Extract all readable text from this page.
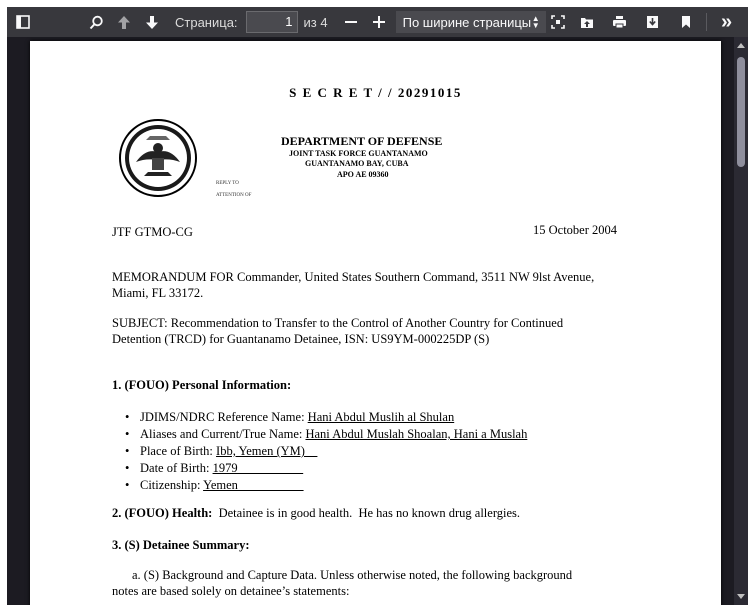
Страница:	1 из 4	По ширине страницы ▲
▼	»
S E C R E T / / 20291015
DEPARTMENT OF DEFENSE
JOINT TASK FORCE GUANTANAMO
GUANTANAMO BAY, CUBA
APO AE 09360
REPLY TO
ATTENTION OF
JTF GTMO-CG	15 October 2004
MEMORANDUM FOR Commander, United States Southern Command, 3511 NW 9lst Avenue,
Miami, FL 33172.
SUBJECT: Recommendation to Transfer to the Control of Another Country for Continued
Detention (TRCD) for Guantanamo Detainee, ISN: US9YM-000225DP (S)
1. (FOUO) Personal Information:
• JDIMS/NDRC Reference Name: Hani Abdul Muslih al Shulan
• Aliases and Current/True Name: Hani Abdul Muslah Shoalan, Hani a Muslah
• Place of Birth: Ibb, Yemen (YM)
• Date of Birth: 1979
• Citizenship: Yemen
2. (FOUO) Health:  Detainee is in good health.  He has no known drug allergies.
3. (S) Detainee Summary:
a. (S) Background and Capture Data. Unless otherwise noted, the following background
notes are based solely on detainee’s statements:
